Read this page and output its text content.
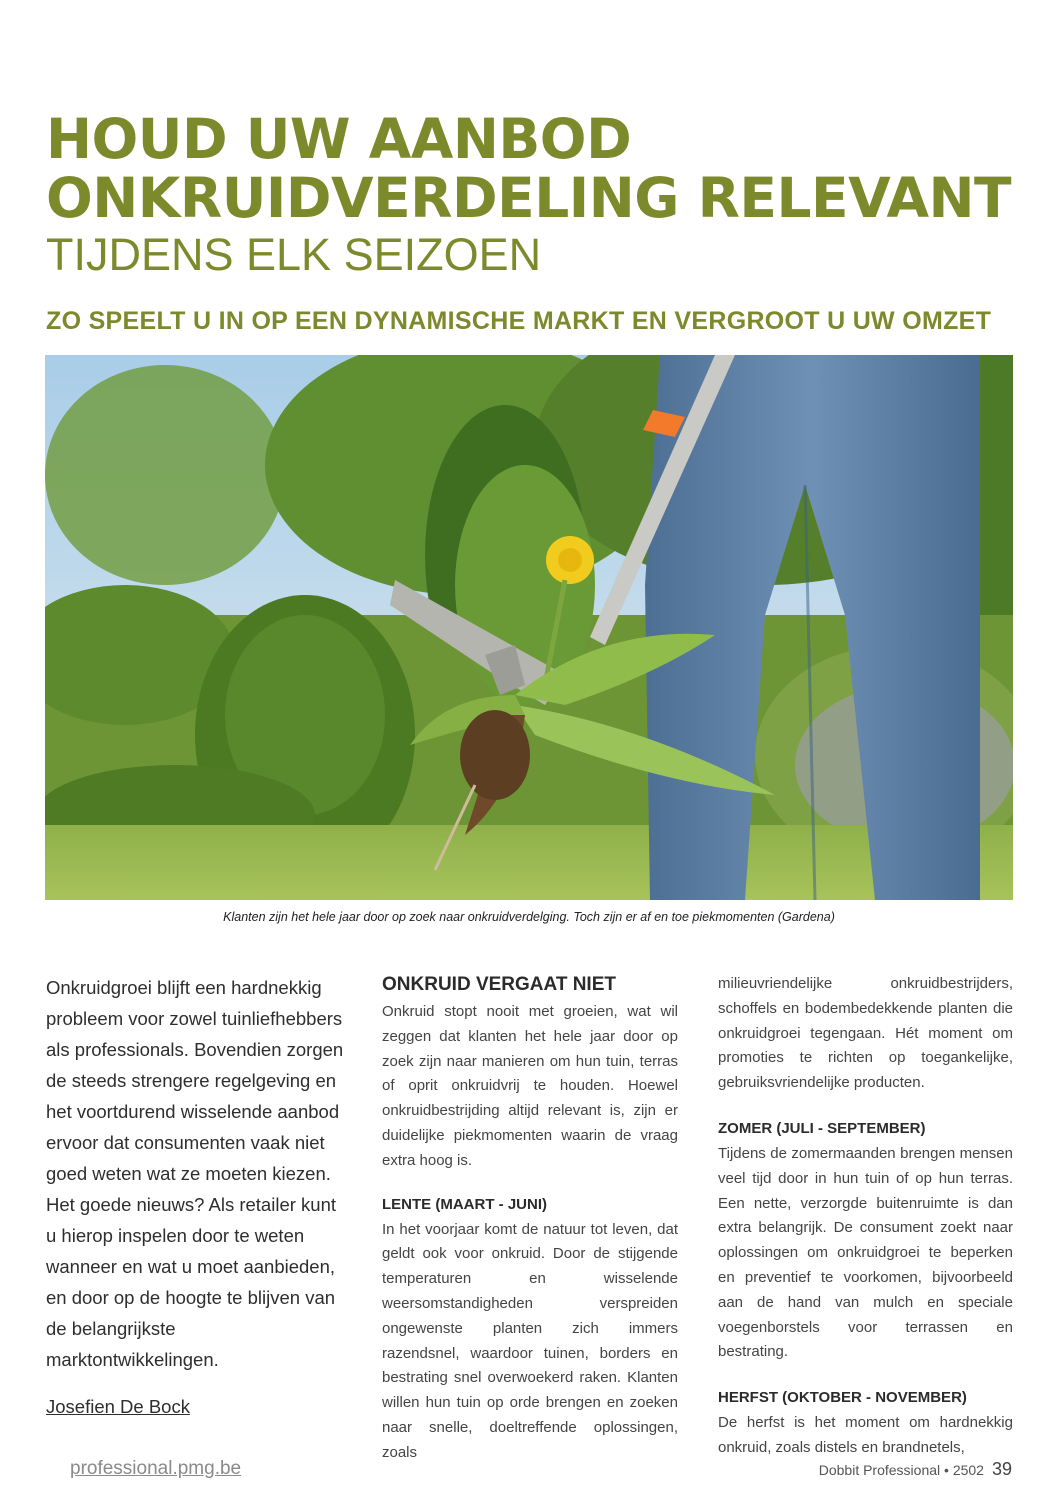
HOUD UW AANBOD
ONKRUIDVERDELING RELEVANT
TIJDENS ELK SEIZOEN
ZO SPEELT U IN OP EEN DYNAMISCHE MARKT EN VERGROOT U UW OMZET
Klanten zijn het hele jaar door op zoek naar onkruidverdelging. Toch zijn er af en toe piekmomenten (Gardena)

Onkruidgroei blijft een hardnekkig probleem voor zowel tuinliefhebbers als professionals. Bovendien zorgen de steeds strengere regelgeving en het voortdurend wisselende aanbod ervoor dat consumenten vaak niet goed weten wat ze moeten kiezen. Het goede nieuws? Als retailer kunt u hierop inspelen door te weten wanneer en wat u moet aanbieden, en door op de hoogte te blijven van de belangrijkste marktontwikkelingen.

Josefien De Bock

ONKRUID VERGAAT NIET

Onkruid stopt nooit met groeien, wat wil zeggen dat klanten het hele jaar door op zoek zijn naar manieren om hun tuin, terras of oprit onkruidvrij te houden. Hoewel onkruidbestrijding altijd relevant is, zijn er duidelijke piekmomenten waarin de vraag extra hoog is.

LENTE (MAART - JUNI)

In het voorjaar komt de natuur tot leven, dat geldt ook voor onkruid. Door de stijgende temperaturen en wisselende weersomstandigheden verspreiden ongewenste planten zich immers razendsnel, waardoor tuinen, borders en bestrating snel overwoekerd raken. Klanten willen hun tuin op orde brengen en zoeken naar snelle, doeltreffende oplossingen, zoals

milieuvriendelijke onkruidbestrijders, schoffels en bodembedekkende planten die onkruidgroei tegengaan. Hét moment om promoties te richten op toegankelijke, gebruiksvriendelijke producten.

ZOMER (JULI - SEPTEMBER)

Tijdens de zomermaanden brengen mensen veel tijd door in hun tuin of op hun terras. Een nette, verzorgde buitenruimte is dan extra belangrijk. De consument zoekt naar oplossingen om onkruidgroei te beperken en preventief te voorkomen, bijvoorbeeld aan de hand van mulch en speciale voegenborstels voor terrassen en bestrating.

HERFST (OKTOBER - NOVEMBER)

De herfst is het moment om hardnekkig onkruid, zoals distels en brandnetels,

professional.pmg.be	Dobbit Professional • 2502 39
